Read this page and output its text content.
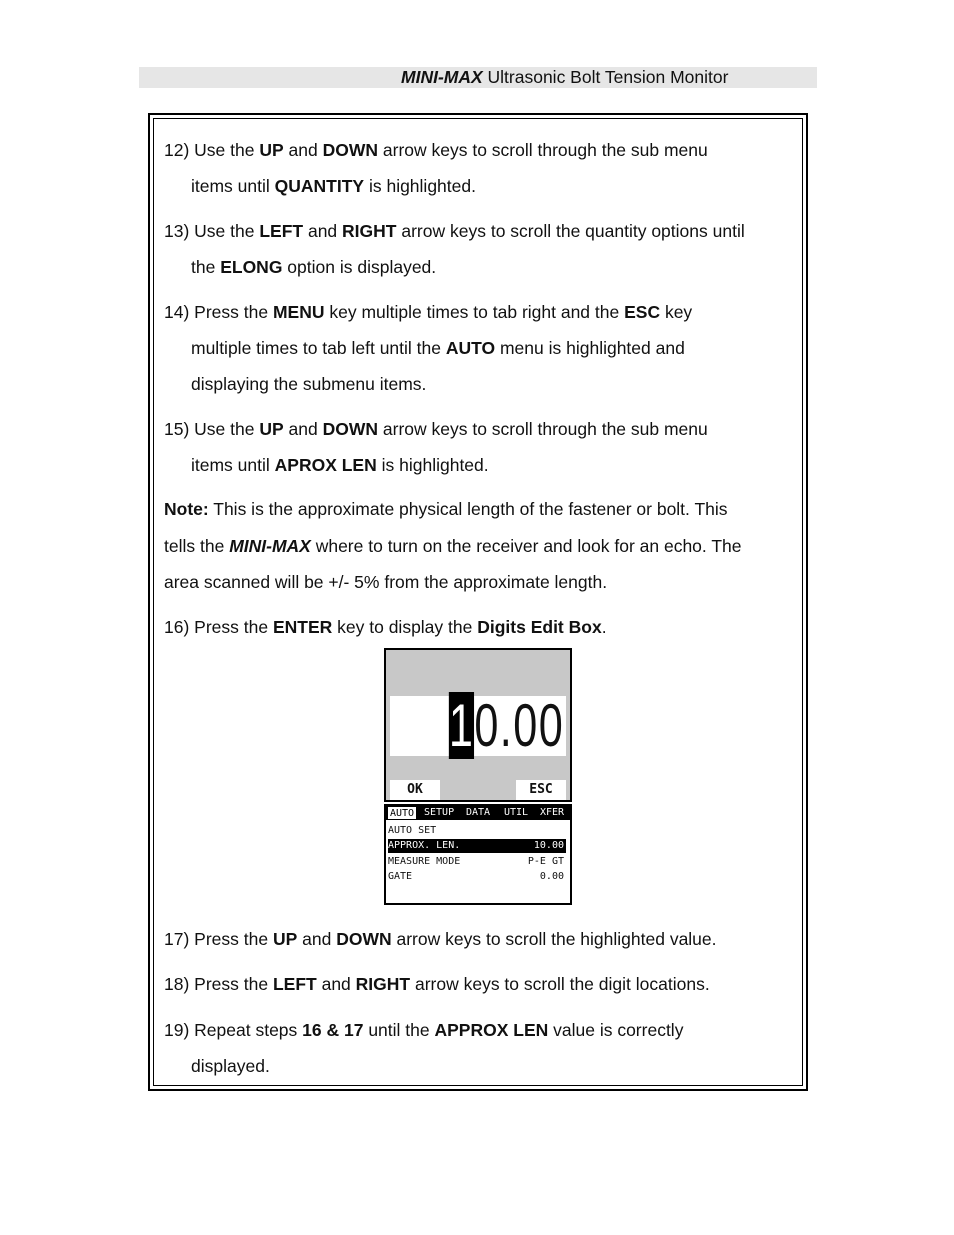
MINI-MAX Ultrasonic Bolt Tension Monitor
12) Use the UP and DOWN arrow keys to scroll through the sub menu
items until QUANTITY is highlighted.
13) Use the LEFT and RIGHT arrow keys to scroll the quantity options until
the ELONG option is displayed.
14) Press the MENU key multiple times to tab right and the ESC key
multiple times to tab left until the AUTO menu is highlighted and
displaying the submenu items.
15) Use the UP and DOWN arrow keys to scroll through the sub menu
items until APROX LEN is highlighted.
Note: This is the approximate physical length of the fastener or bolt. This
tells the MINI-MAX where to turn on the receiver and look for an echo. The
area scanned will be +/- 5% from the approximate length.
16) Press the ENTER key to display the Digits Edit Box.
10.00
OK	ESC
AUTO SETUP DATA UTIL XFER
AUTO SET
APPROX. LEN.	10.00
MEASURE MODE	P-E GT
GATE	0.00
17) Press the UP and DOWN arrow keys to scroll the highlighted value.
18) Press the LEFT and RIGHT arrow keys to scroll the digit locations.
19) Repeat steps 16 & 17 until the APPROX LEN value is correctly
displayed.
